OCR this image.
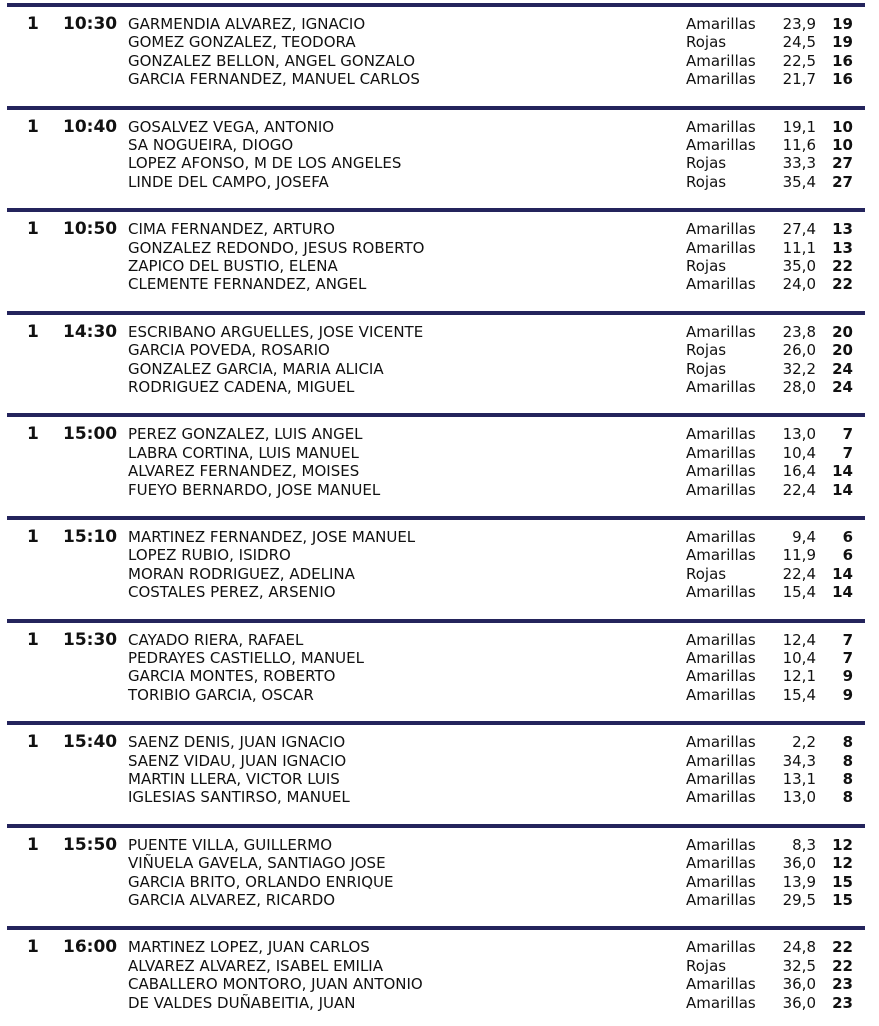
1	10:30 GARMENDIA ALVAREZ, IGNACIO	Amarillas	23,9	19
GOMEZ GONZALEZ, TEODORA	Rojas	24,5	19
GONZALEZ BELLON, ANGEL GONZALO	Amarillas	22,5	16
GARCIA FERNANDEZ, MANUEL CARLOS	Amarillas	21,7	16
1	10:40 GOSALVEZ VEGA, ANTONIO	Amarillas	19,1	10
SA NOGUEIRA, DIOGO	Amarillas	11,6	10
LOPEZ AFONSO, M DE LOS ANGELES	Rojas	33,3	27
LINDE DEL CAMPO, JOSEFA	Rojas	35,4	27
1	10:50 CIMA FERNANDEZ, ARTURO	Amarillas	27,4	13
GONZALEZ REDONDO, JESUS ROBERTO	Amarillas	11,1	13
ZAPICO DEL BUSTIO, ELENA	Rojas	35,0	22
CLEMENTE FERNANDEZ, ANGEL	Amarillas	24,0	22
1	14:30 ESCRIBANO ARGUELLES, JOSE VICENTE	Amarillas	23,8	20
GARCIA POVEDA, ROSARIO	Rojas	26,0	20
GONZALEZ GARCIA, MARIA ALICIA	Rojas	32,2	24
RODRIGUEZ CADENA, MIGUEL	Amarillas	28,0	24
1	15:00 PEREZ GONZALEZ, LUIS ANGEL	Amarillas	13,0	7
LABRA CORTINA, LUIS MANUEL	Amarillas	10,4	7
ALVAREZ FERNANDEZ, MOISES	Amarillas	16,4	14
FUEYO BERNARDO, JOSE MANUEL	Amarillas	22,4	14
1	15:10 MARTINEZ FERNANDEZ, JOSE MANUEL	Amarillas	9,4	6
LOPEZ RUBIO, ISIDRO	Amarillas	11,9	6
MORAN RODRIGUEZ, ADELINA	Rojas	22,4	14
COSTALES PEREZ, ARSENIO	Amarillas	15,4	14
1	15:30 CAYADO RIERA, RAFAEL	Amarillas	12,4	7
PEDRAYES CASTIELLO, MANUEL	Amarillas	10,4	7
GARCIA MONTES, ROBERTO	Amarillas	12,1	9
TORIBIO GARCIA, OSCAR	Amarillas	15,4	9
1	15:40 SAENZ DENIS, JUAN IGNACIO	Amarillas	2,2	8
SAENZ VIDAU, JUAN IGNACIO	Amarillas	34,3	8
MARTIN LLERA, VICTOR LUIS	Amarillas	13,1	8
IGLESIAS SANTIRSO, MANUEL	Amarillas	13,0	8
1	15:50 PUENTE VILLA, GUILLERMO	Amarillas	8,3	12
VIÑUELA GAVELA, SANTIAGO JOSE	Amarillas	36,0	12
GARCIA BRITO, ORLANDO ENRIQUE	Amarillas	13,9	15
GARCIA ALVAREZ, RICARDO	Amarillas	29,5	15
1	16:00 MARTINEZ LOPEZ, JUAN CARLOS	Amarillas	24,8	22
ALVAREZ ALVAREZ, ISABEL EMILIA	Rojas	32,5	22
CABALLERO MONTORO, JUAN ANTONIO	Amarillas	36,0	23
DE VALDES DUÑABEITIA, JUAN	Amarillas	36,0	23
